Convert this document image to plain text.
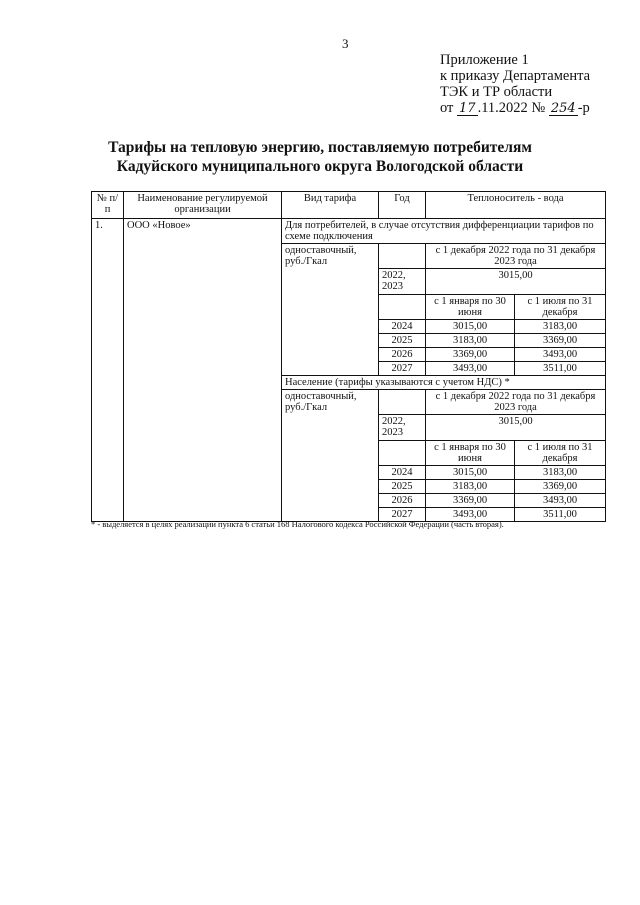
3
Приложение 1
к приказу Департамента
ТЭК и ТР области
от 17 .11.2022 № 254 -р
Тарифы на тепловую энергию, поставляемую потребителям
Кадуйского муниципального округа Вологодской области
№ п/п	Наименование регулируемой организации	Вид тарифа	Год	Теплоноситель - вода	
1.	ООО «Новое»	Для потребителей, в случае отсутствия дифференциации тарифов по схеме подключения			
		одноставочный, руб./Гкал		с 1 декабря 2022 года по 31 декабря 2023 года	
			2022, 2023	3015,00	
				с 1 января по 30 июня	с 1 июля по 31 декабря
			2024	3015,00	3183,00
			2025	3183,00	3369,00
			2026	3369,00	3493,00
			2027	3493,00	3511,00
		Население (тарифы указываются с учетом НДС) *			
		одноставочный, руб./Гкал		с 1 декабря 2022 года по 31 декабря 2023 года	
			2022, 2023	3015,00	
				с 1 января по 30 июня	с 1 июля по 31 декабря
			2024	3015,00	3183,00
			2025	3183,00	3369,00
			2026	3369,00	3493,00
			2027	3493,00	3511,00
* - выделяется в целях реализации пункта 6 статьи 168 Налогового кодекса Российской Федерации (часть вторая).
